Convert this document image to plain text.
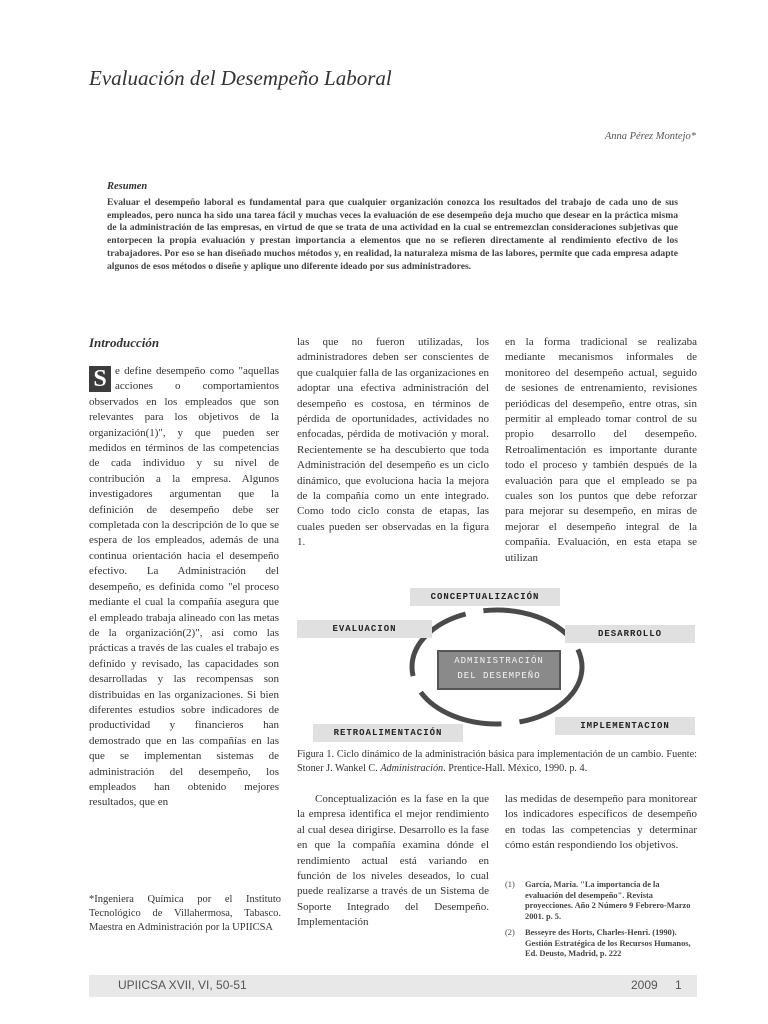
Evaluación del Desempeño Laboral
Anna Pérez Montejo*
Resumen
Evaluar el desempeño laboral es fundamental para que cualquier organización conozca los resultados del trabajo de cada uno de sus empleados, pero nunca ha sido una tarea fácil y muchas veces la evaluación de ese desempeño deja mucho que desear en la práctica misma de la administración de las empresas, en virtud de que se trata de una actividad en la cual se entremezclan consideraciones subjetivas que entorpecen la propia evaluación y prestan importancia a elementos que no se refieren directamente al rendimiento efectivo de los trabajadores. Por eso se han diseñado muchos métodos y, en realidad, la naturaleza misma de las labores, permite que cada empresa adapte algunos de esos métodos o diseñe y aplique uno diferente ideado por sus administradores.
Introducción
S e define desempeño como "aquellas acciones o comportamientos observados en los empleados que son relevantes para los objetivos de la organización(1)", y que pueden ser medidos en términos de las competencias de cada individuo y su nivel de contribución a la empresa. Algunos investigadores argumentan que la definición de desempeño debe ser completada con la descripción de lo que se espera de los empleados, además de una continua orientación hacia el desempeño efectivo. La Administración del desempeño, es definida como "el proceso mediante el cual la compañía asegura que el empleado trabaja alineado con las metas de la organización(2)", así como las prácticas a través de las cuales el trabajo es definido y revisado, las capacidades son desarrolladas y las recompensas son distribuidas en las organizaciones. Si bien diferentes estudios sobre indicadores de productividad y financieros han demostrado que en las compañías en las que se implementan sistemas de administración del desempeño, los empleados han obtenido mejores resultados, que en
las que no fueron utilizadas, los administradores deben ser conscientes de que cualquier falla de las organizaciones en adoptar una efectiva administración del desempeño es costosa, en términos de pérdida de oportunidades, actividades no enfocadas, pérdida de motivación y moral. Recientemente se ha descubierto que toda Administración del desempeño es un ciclo dinámico, que evoluciona hacia la mejora de la compañía como un ente integrado. Como todo ciclo consta de etapas, las cuales pueden ser observadas en la figura 1.
en la forma tradicional se realizaba mediante mecanismos informales de monitoreo del desempeño actual, seguido de sesiones de entrenamiento, revisiones periódicas del desempeño, entre otras, sin permitir al empleado tomar control de su propio desarrollo del desempeño. Retroalimentación es importante durante todo el proceso y también después de la evaluación para que el empleado se pa cuales son los puntos que debe reforzar para mejorar su desempeño, en miras de mejorar el desempeño integral de la compañía. Evaluación, en esta etapa se utilizan
CONCEPTUALIZACIÓN
DESARROLLO
IMPLEMENTACION
RETROALIMENTACIÓN
EVALUACION
ADMINISTRACIÓN
DEL DESEMPEÑO
Figura 1. Ciclo dinámico de la administración básica para implementación de un cambio. Fuente: Stoner J. Wankel C. Administración. Prentice-Hall. México, 1990. p. 4.
Conceptualización es la fase en la que la empresa identifica el mejor rendimiento al cual desea dirigirse. Desarrollo es la fase en que la compañía examina dónde el rendimiento actual está variando en función de los niveles deseados, lo cual puede realizarse a través de un Sistema de Soporte Integrado del Desempeño. Implementación
las medidas de desempeño para monitorear los indicadores específicos de desempeño en todas las competencias y determinar cómo están respondiendo los objetivos.
(1)	García, María. "La importancia de la evaluación del desempeño". Revista proyecciones. Año 2 Número 9 Febrero-Marzo 2001. p. 5.
(2)	Besseyre des Horts, Charles-Henri. (1990). Gestión Estratégica de los Recursos Humanos, Ed. Deusto, Madrid, p. 222
*Ingeniera Química por el Instituto Tecnológico de Villahermosa, Tabasco. Maestra en Administración por la UPIICSA
UPIICSA XVII, VI, 50-51	2009 1
